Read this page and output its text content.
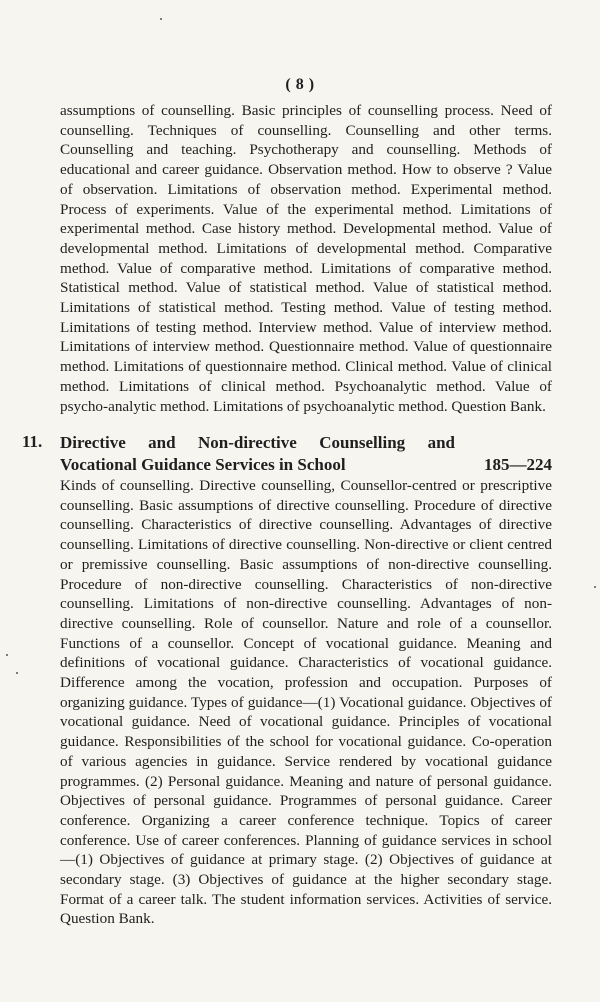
( 8 )

assumptions of counselling. Basic principles of counselling process. Need of counselling. Techniques of counselling. Counselling and other terms. Counselling and teaching. Psychotherapy and counselling. Methods of educational and career guidance. Observation method. How to observe ? Value of observation. Limitations of observation method. Experimental method. Process of experiments. Value of the experimental method. Limitations of experimental method. Case history method. Developmental method. Value of developmental method. Limitations of developmental method. Comparative method. Value of comparative method. Limitations of comparative method. Statistical method. Value of statistical method. Value of statistical method. Limitations of statistical method. Testing method. Value of testing method. Limitations of testing method. Interview method. Value of interview method. Limitations of interview method. Questionnaire method. Value of questionnaire method. Limitations of questionnaire method. Clinical method. Value of clinical method. Limitations of clinical method. Psychoanalytic method. Value of psycho-analytic method. Limitations of psychoanalytic method. Question Bank.

11. Directive and Non-directive Counselling and Vocational Guidance Services in School	185—224

Kinds of counselling. Directive counselling, Counsellor-centred or prescriptive counselling. Basic assumptions of directive counselling. Procedure of directive counselling. Characteristics of directive counselling. Advantages of directive counselling. Limitations of directive counselling. Non-directive or client centred or premissive counselling. Basic assumptions of non-directive counselling. Procedure of non-directive counselling. Characteristics of non-directive counselling. Limitations of non-directive counselling. Advantages of non-directive counselling. Role of counsellor. Nature and role of a counsellor. Functions of a counsellor. Concept of vocational guidance. Meaning and definitions of vocational guidance. Characteristics of vocational guidance. Difference among the vocation, profession and occupation. Purposes of organizing guidance. Types of guidance—(1) Vocational guidance. Objectives of vocational guidance. Need of vocational guidance. Principles of vocational guidance. Responsibilities of the school for vocational guidance. Co-operation of various agencies in guidance. Service rendered by vocational guidance programmes. (2) Personal guidance. Meaning and nature of personal guidance. Objectives of personal guidance. Programmes of personal guidance. Career conference. Organizing a career conference technique. Topics of career conference. Use of career conferences. Planning of guidance services in school—(1) Objectives of guidance at primary stage. (2) Objectives of guidance at secondary stage. (3) Objectives of guidance at the higher secondary stage. Format of a career talk. The student information services. Activities of service. Question Bank.
